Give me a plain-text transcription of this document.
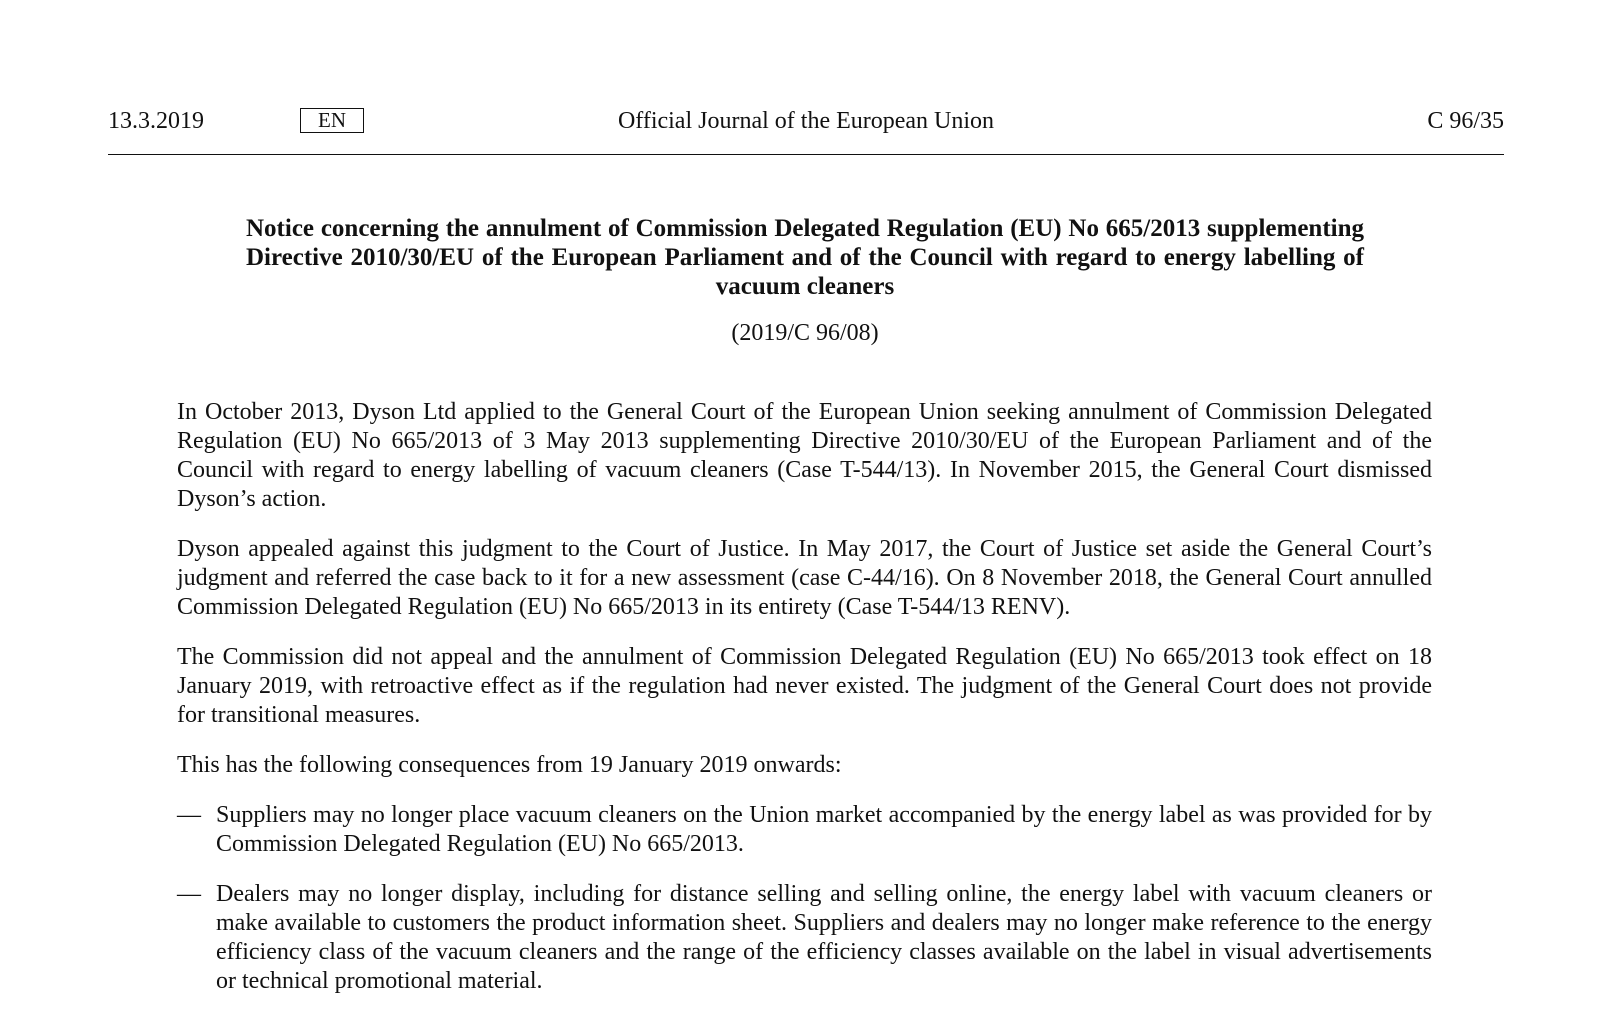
13.3.2019	EN	Official Journal of the European Union	C 96/35
Notice concerning the annulment of Commission Delegated Regulation (EU) No 665/2013 supplementing Directive 2010/30/EU of the European Parliament and of the Council with regard to energy labelling of vacuum cleaners
(2019/C 96/08)

In October 2013, Dyson Ltd applied to the General Court of the European Union seeking annulment of Commission Delegated Regulation (EU) No 665/2013 of 3 May 2013 supplementing Directive 2010/30/EU of the European Parliament and of the Council with regard to energy labelling of vacuum cleaners (Case T-544/13). In November 2015, the General Court dismissed Dyson’s action.

Dyson appealed against this judgment to the Court of Justice. In May 2017, the Court of Justice set aside the General Court’s judgment and referred the case back to it for a new assessment (case C-44/16). On 8 November 2018, the General Court annulled Commission Delegated Regulation (EU) No 665/2013 in its entirety (Case T-544/13 RENV).

The Commission did not appeal and the annulment of Commission Delegated Regulation (EU) No 665/2013 took effect on 18 January 2019, with retroactive effect as if the regulation had never existed. The judgment of the General Court does not provide for transitional measures.

This has the following consequences from 19 January 2019 onwards:

— Suppliers may no longer place vacuum cleaners on the Union market accompanied by the energy label as was provided for by Commission Delegated Regulation (EU) No 665/2013.
— Dealers may no longer display, including for distance selling and selling online, the energy label with vacuum cleaners or make available to customers the product information sheet. Suppliers and dealers may no longer make reference to the energy efficiency class of the vacuum cleaners and the range of the efficiency classes available on the label in visual advertisements or technical promotional material.
